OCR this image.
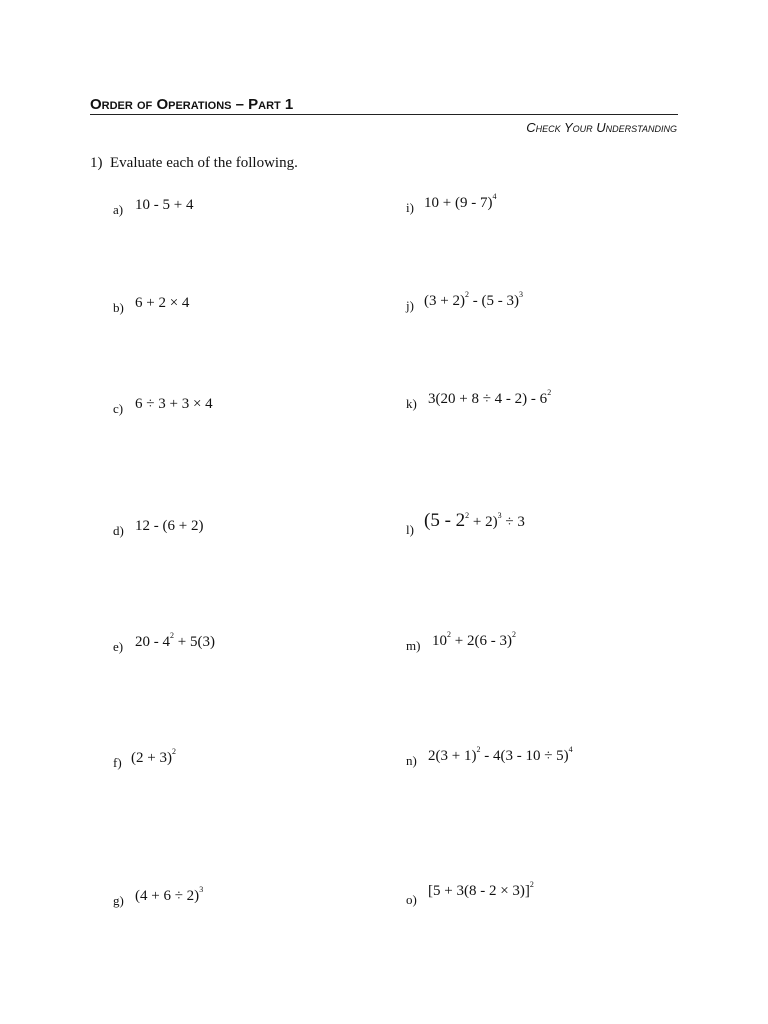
Order of Operations – Part 1
Check Your Understanding
1)  Evaluate each of the following.
a) 10 - 5 + 4
b) 6 + 2 × 4
c) 6 ÷ 3 + 3 × 4
d) 12 - (6 + 2)
e) $20 - 4^2 + 5(3)$
f) $(2 + 3)^2$
g) $(4 + 6 \div 2)^3$
i) 10 + (9 - 7)$^4$
j) $(3 + 2)^2 - (5 - 3)^3$
k) $3(20 + 8 \div 4 - 2) - 6^2$
l) $(5 - 2^2 + 2)^3 \div 3$
m) $10^2 + 2(6 - 3)^2$
n) $2(3 + 1)^2 - 4(3 - 10 \div 5)^4$
o)
$[5 + 3(8 - 2 \times 3)]^2$
